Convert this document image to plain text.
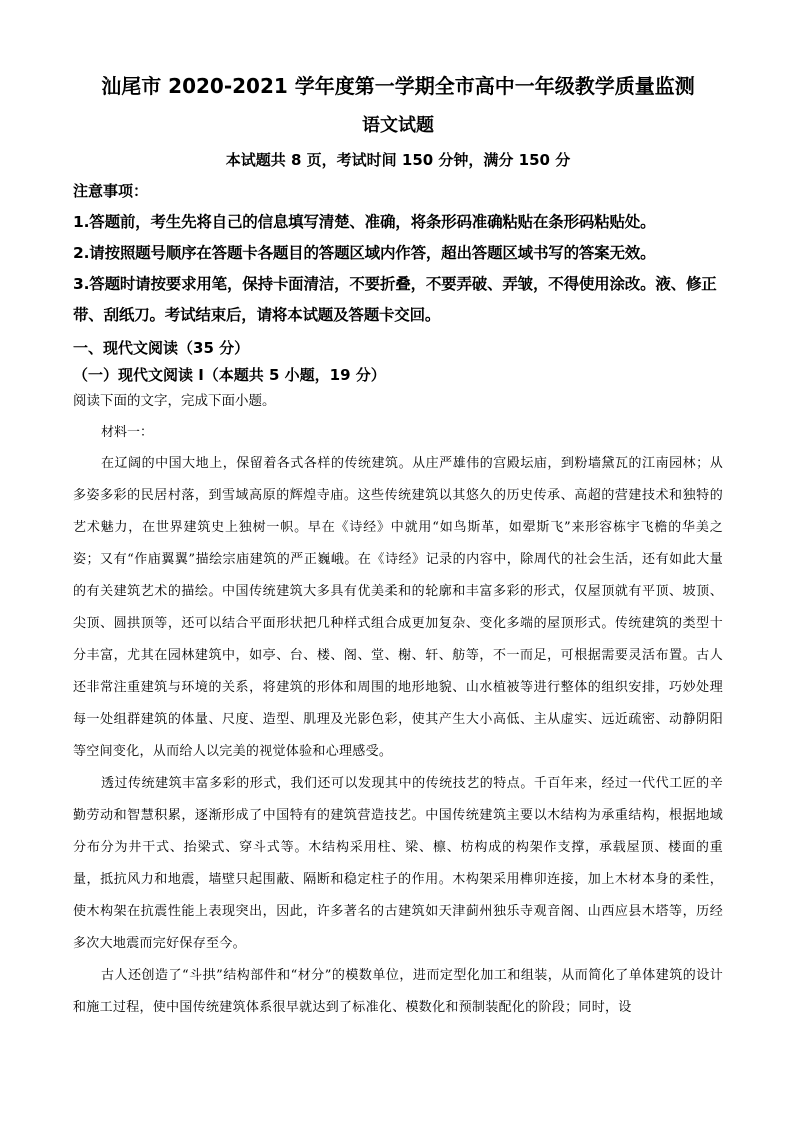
汕尾市 2020-2021 学年度第一学期全市高中一年级教学质量监测
语文试题
本试题共 8 页，考试时间 150 分钟，满分 150 分
注意事项：

1.答题前，考生先将自己的信息填写清楚、准确，将条形码准确粘贴在条形码粘贴处。

2.请按照题号顺序在答题卡各题目的答题区域内作答，超出答题区域书写的答案无效。

3.答题时请按要求用笔，保持卡面清洁，不要折叠，不要弄破、弄皱，不得使用涂改。液、修正带、刮纸刀。考试结束后，请将本试题及答题卡交回。

一、现代文阅读（35 分）
（一）现代文阅读 I（本题共 5 小题，19 分）
阅读下面的文字，完成下面小题。
材料一：

在辽阔的中国大地上，保留着各式各样的传统建筑。从庄严雄伟的宫殿坛庙，到粉墙黛瓦的江南园林；从多姿多彩的民居村落，到雪域高原的辉煌寺庙。这些传统建筑以其悠久的历史传承、高超的营建技术和独特的艺术魅力，在世界建筑史上独树一帜。早在《诗经》中就用“如鸟斯革，如翚斯飞”来形容栋宇飞檐的华美之姿；又有“作庙翼翼”描绘宗庙建筑的严正巍峨。在《诗经》记录的内容中，除周代的社会生活，还有如此大量的有关建筑艺术的描绘。中国传统建筑大多具有优美柔和的轮廓和丰富多彩的形式，仅屋顶就有平顶、坡顶、尖顶、圆拱顶等，还可以结合平面形状把几种样式组合成更加复杂、变化多端的屋顶形式。传统建筑的类型十分丰富，尤其在园林建筑中，如亭、台、楼、阁、堂、榭、轩、舫等，不一而足，可根据需要灵活布置。古人还非常注重建筑与环境的关系，将建筑的形体和周围的地形地貌、山水植被等进行整体的组织安排，巧妙处理每一处组群建筑的体量、尺度、造型、肌理及光影色彩，使其产生大小高低、主从虚实、远近疏密、动静阴阳等空间变化，从而给人以完美的视觉体验和心理感受。

透过传统建筑丰富多彩的形式，我们还可以发现其中的传统技艺的特点。千百年来，经过一代代工匠的辛勤劳动和智慧积累，逐渐形成了中国特有的建筑营造技艺。中国传统建筑主要以木结构为承重结构，根据地域分布分为井干式、抬梁式、穿斗式等。木结构采用柱、梁、檩、枋构成的构架作支撑，承载屋顶、楼面的重量，抵抗风力和地震，墙壁只起围蔽、隔断和稳定柱子的作用。木构架采用榫卯连接，加上木材本身的柔性，使木构架在抗震性能上表现突出，因此，许多著名的古建筑如天津蓟州独乐寺观音阁、山西应县木塔等，历经多次大地震而完好保存至今。

古人还创造了“斗拱”结构部件和“材分”的模数单位，进而定型化加工和组装，从而简化了单体建筑的设计和施工过程，使中国传统建筑体系很早就达到了标准化、模数化和预制装配化的阶段；同时，设
